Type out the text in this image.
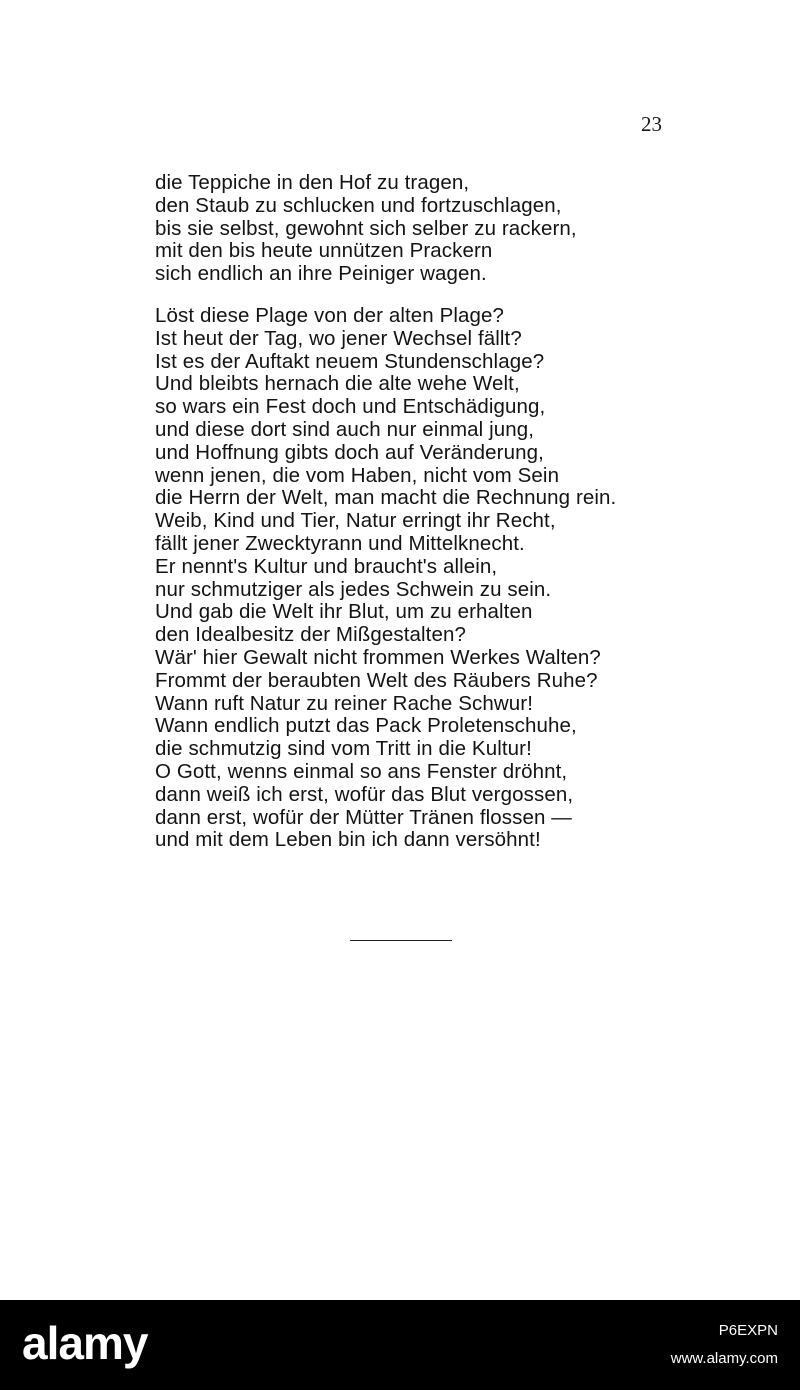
23
die Teppiche in den Hof zu tragen,
den Staub zu schlucken und fortzuschlagen,
bis sie selbst, gewohnt sich selber zu rackern,
mit den bis heute unnützen Prackern
sich endlich an ihre Peiniger wagen.
Löst diese Plage von der alten Plage?
Ist heut der Tag, wo jener Wechsel fällt?
Ist es der Auftakt neuem Stundenschlage?
Und bleibts hernach die alte wehe Welt,
so wars ein Fest doch und Entschädigung,
und diese dort sind auch nur einmal jung,
und Hoffnung gibts doch auf Veränderung,
wenn jenen, die vom Haben, nicht vom Sein
die Herrn der Welt, man macht die Rechnung rein.
Weib, Kind und Tier, Natur erringt ihr Recht,
fällt jener Zwecktyrann und Mittelknecht.
Er nennt's Kultur und braucht's allein,
nur schmutziger als jedes Schwein zu sein.
Und gab die Welt ihr Blut, um zu erhalten
den Idealbesitz der Mißgestalten?
Wär' hier Gewalt nicht frommen Werkes Walten?
Frommt der beraubten Welt des Räubers Ruhe?
Wann ruft Natur zu reiner Rache Schwur!
Wann endlich putzt das Pack Proletenschuhe,
die schmutzig sind vom Tritt in die Kultur!
O Gott, wenns einmal so ans Fenster dröhnt,
dann weiß ich erst, wofür das Blut vergossen,
dann erst, wofür der Mütter Tränen flossen —
und mit dem Leben bin ich dann versöhnt!
alamy	P6EXPN
www.alamy.com
